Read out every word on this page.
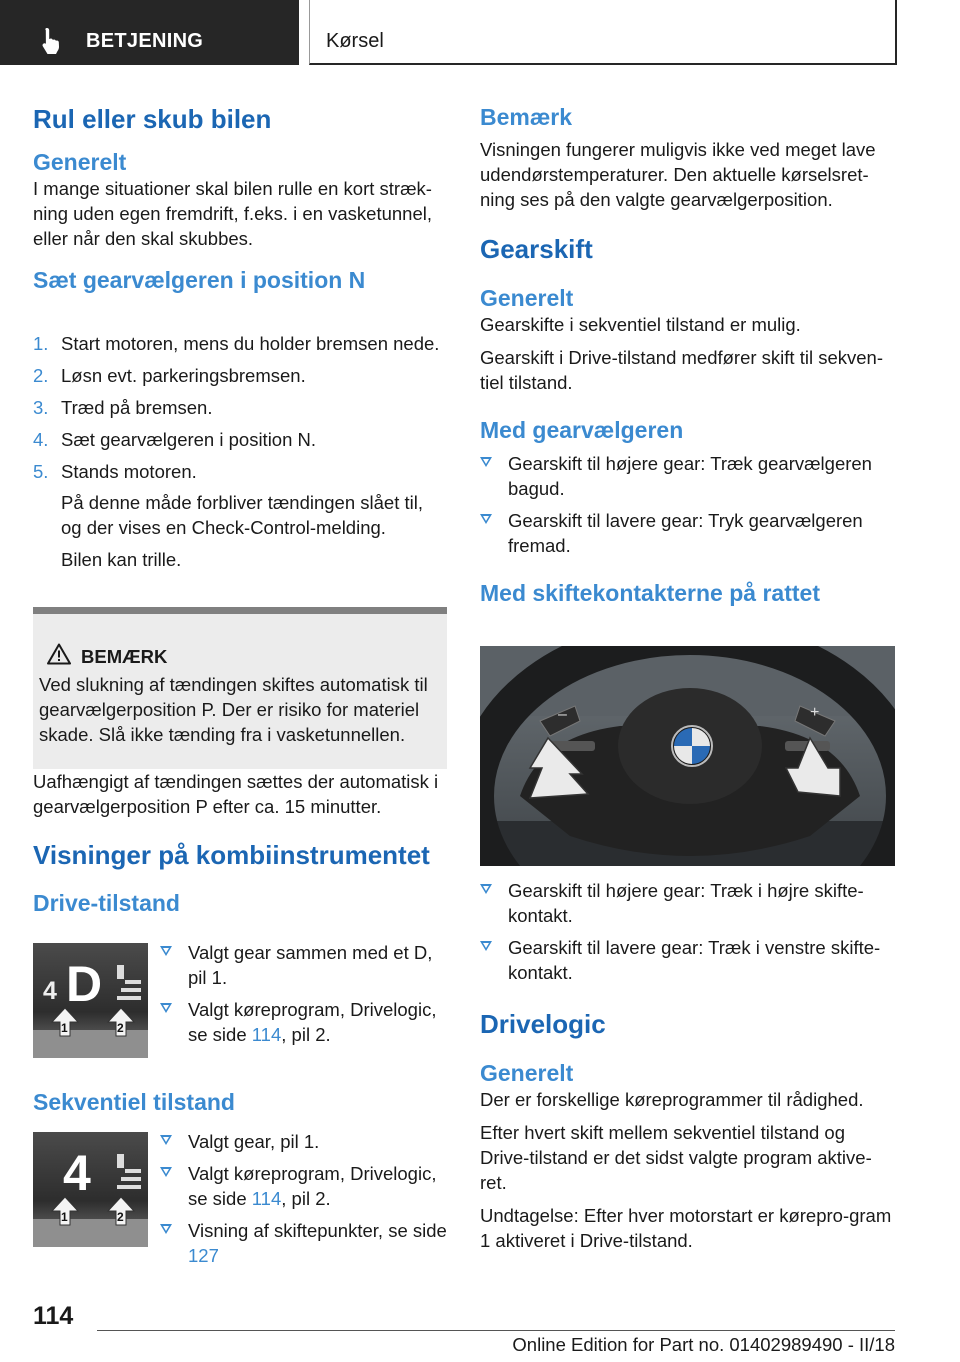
BETJENING	Kørsel
Rul eller skub bilen
Generelt

I mange situationer skal bilen rulle en kort stræk-ning uden egen fremdrift, f.eks. i en vasketunnel, eller når den skal skubbes.

Sæt gearvælgeren i position N
1. Start motoren, mens du holder bremsen nede.
2. Løsn evt. parkeringsbremsen.
3. Træd på bremsen.
4. Sæt gearvælgeren i position N.
5. Stands motoren.

På denne måde forbliver tændingen slået til, og der vises en Check-Control-melding.

Bilen kan trille.

BEMÆRK
Ved slukning af tændingen skiftes automatisk til gearvælgerposition P. Der er risiko for materiel skade. Slå ikke tænding fra i vasketunnellen.

Uafhængigt af tændingen sættes der automatisk i gearvælgerposition P efter ca. 15 minutter.

Visninger på kombiinstrumentet
Drive-tilstand
4 D
1	2
Valgt gear sammen med et D, pil 1.
Valgt køreprogram, Drivelogic, se side 114, pil 2.
Sekventiel tilstand
4
1	2
Valgt gear, pil 1.
Valgt køreprogram, Drivelogic, se side 114, pil 2.
Visning af skiftepunkter, se side 127
Bemærk

Visningen fungerer muligvis ikke ved meget lave udendørstemperaturer. Den aktuelle kørselsret-ning ses på den valgte gearvælgerposition.

Gearskift
Generelt

Gearskifte i sekventiel tilstand er mulig.

Gearskift i Drive-tilstand medfører skift til sekven-tiel tilstand.

Med gearvælgeren
Gearskift til højere gear: Træk gearvælgeren bagud.
Gearskift til lavere gear: Tryk gearvælgeren fremad.
Med skiftekontakterne på rattet
–	+
Gearskift til højere gear: Træk i højre skifte-kontakt.
Gearskift til lavere gear: Træk i venstre skifte-kontakt.
Drivelogic
Generelt

Der er forskellige køreprogrammer til rådighed.

Efter hvert skift mellem sekventiel tilstand og Drive-tilstand er det sidst valgte program aktive-ret.

Undtagelse: Efter hver motorstart er kørepro-gram 1 aktiveret i Drive-tilstand.

114
Online Edition for Part no. 01402989490 - II/18
